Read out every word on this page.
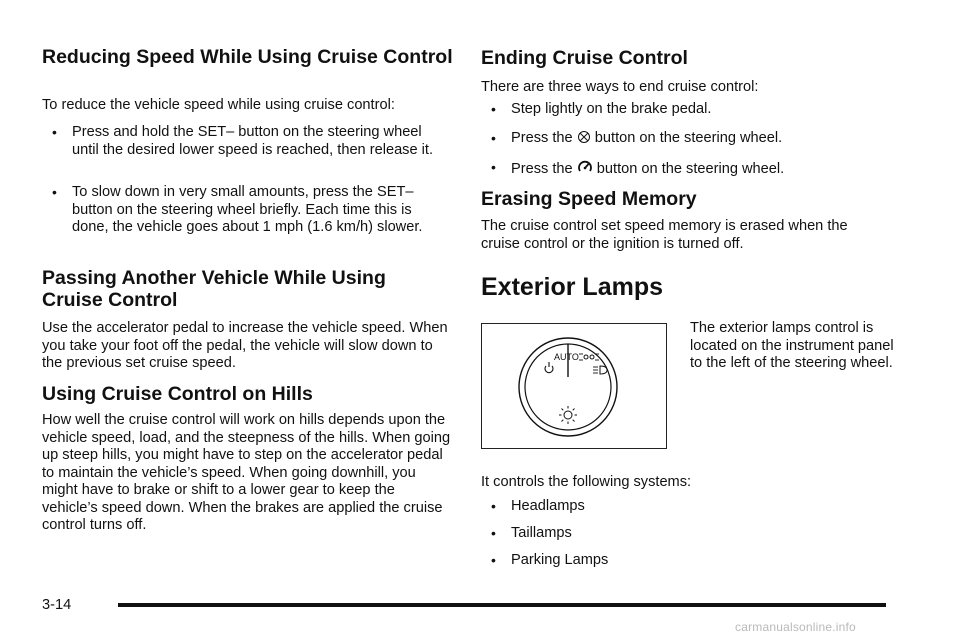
Reducing Speed While Using Cruise Control

To reduce the vehicle speed while using cruise control:

• Press and hold the SET– button on the steering wheel until the desired lower speed is reached, then release it.
• To slow down in very small amounts, press the SET– button on the steering wheel briefly. Each time this is done, the vehicle goes about 1 mph (1.6 km/h) slower.
Passing Another Vehicle While Using Cruise Control

Use the accelerator pedal to increase the vehicle speed. When you take your foot off the pedal, the vehicle will slow down to the previous set cruise speed.

Using Cruise Control on Hills

How well the cruise control will work on hills depends upon the vehicle speed, load, and the steepness of the hills. When going up steep hills, you might have to step on the accelerator pedal to maintain the vehicle’s speed. When going downhill, you might have to brake or shift to a lower gear to keep the vehicle’s speed down. When the brakes are applied the cruise control turns off.

Ending Cruise Control

There are three ways to end cruise control:

• Step lightly on the brake pedal.
• Press the button on the steering wheel.
• Press the button on the steering wheel.
Erasing Speed Memory

The cruise control set speed memory is erased when the cruise control or the ignition is turned off.

Exterior Lamps
AUTO

The exterior lamps control is located on the instrument panel to the left of the steering wheel.

It controls the following systems:

• Headlamps
• Taillamps
• Parking Lamps
3-14
carmanualsonline.info
